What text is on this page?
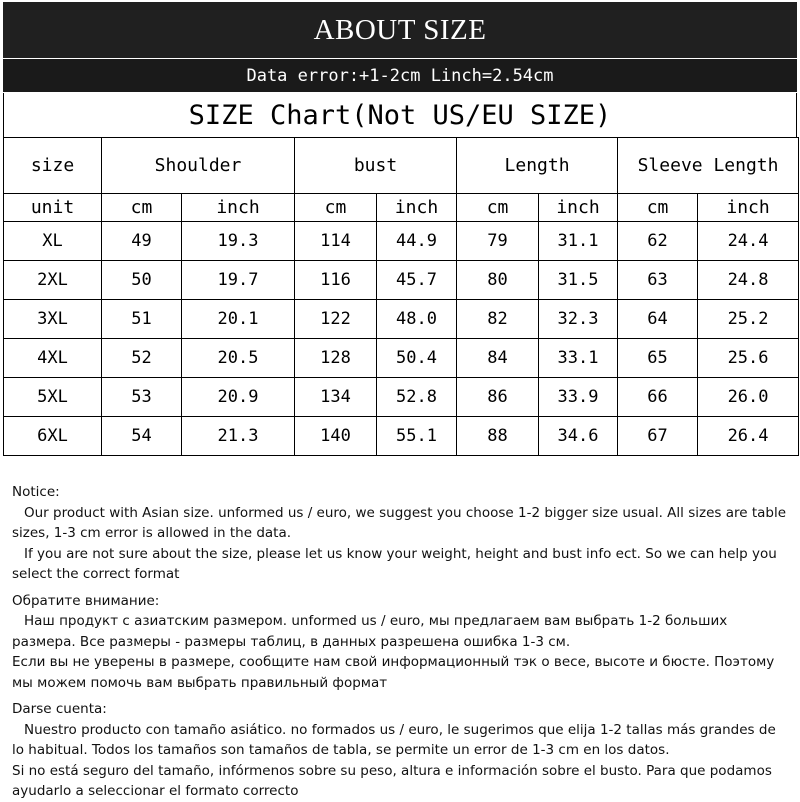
ABOUT SIZE
Data error:+1-2cm Linch=2.54cm
SIZE Chart(Not US/EU SIZE)
size	Shoulder		bust		Length		Sleeve Length	
unit	cm	inch	cm	inch	cm	inch	cm	inch
XL	49	19.3	114	44.9	79	31.1	62	24.4
2XL	50	19.7	116	45.7	80	31.5	63	24.8
3XL	51	20.1	122	48.0	82	32.3	64	25.2
4XL	52	20.5	128	50.4	84	33.1	65	25.6
5XL	53	20.9	134	52.8	86	33.9	66	26.0
6XL	54	21.3	140	55.1	88	34.6	67	26.4

Notice:

Our product with Asian size. unformed us / euro, we suggest you choose 1-2 bigger size usual. All sizes are table sizes, 1-3 cm error is allowed in the data.

If you are not sure about the size, please let us know your weight, height and bust info ect. So we can help you select the correct format

Обратите внимание:

Наш продукт с азиатским размером. unformed us / euro, мы предлагаем вам выбрать 1-2 больших размера. Все размеры - размеры таблиц, в данных разрешена ошибка 1-3 см.

Если вы не уверены в размере, сообщите нам свой информационный тэк о весе, высоте и бюсте. Поэтому мы можем помочь вам выбрать правильный формат

Darse cuenta:

Nuestro producto con tamaño asiático. no formados us / euro, le sugerimos que elija 1-2 tallas más grandes de lo habitual. Todos los tamaños son tamaños de tabla, se permite un error de 1-3 cm en los datos.

Si no está seguro del tamaño, infórmenos sobre su peso, altura e información sobre el busto. Para que podamos ayudarlo a seleccionar el formato correcto
